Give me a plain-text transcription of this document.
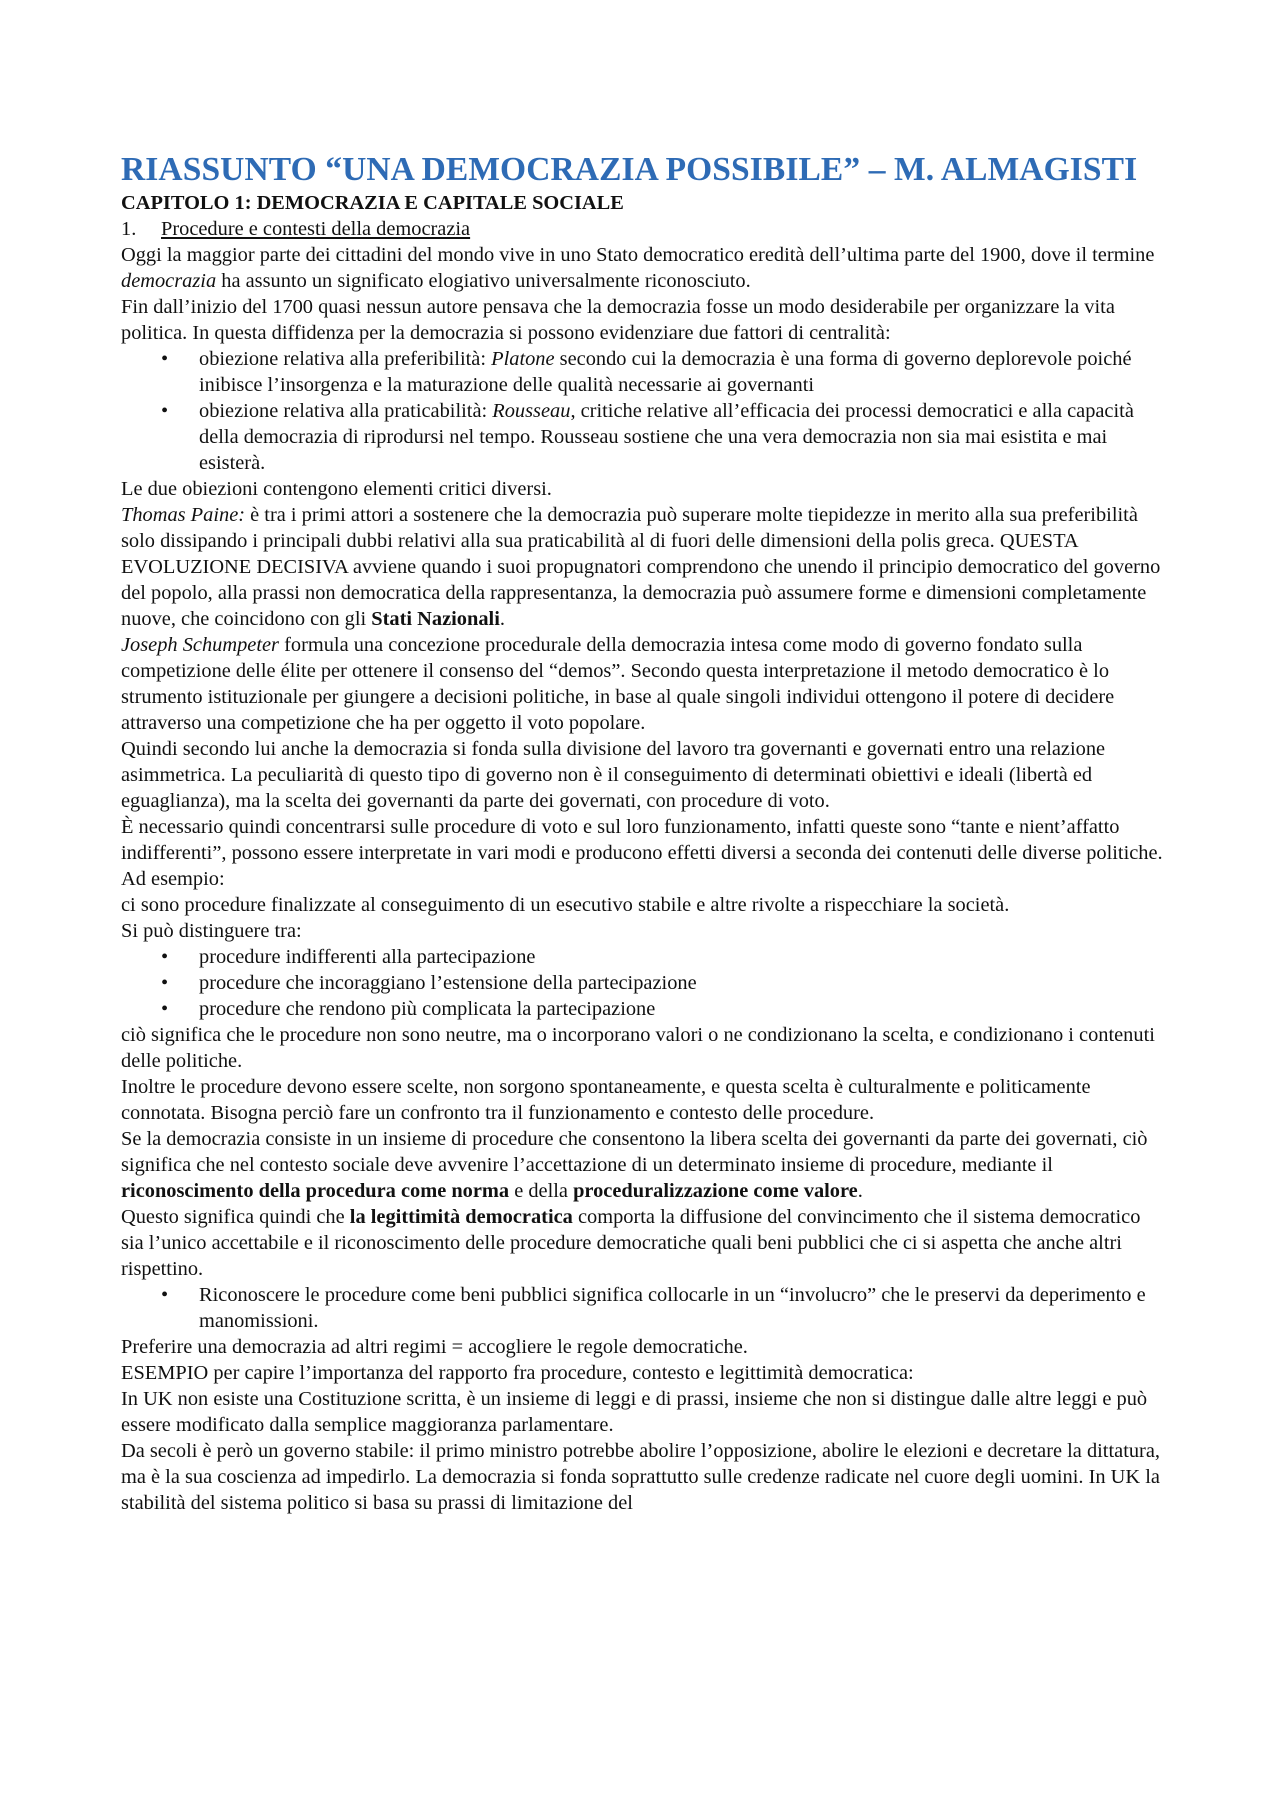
RIASSUNTO “UNA DEMOCRAZIA POSSIBILE” – M. ALMAGISTI
CAPITOLO 1: DEMOCRAZIA E CAPITALE SOCIALE
1. Procedure e contesti della democrazia

Oggi la maggior parte dei cittadini del mondo vive in uno Stato democratico eredità dell’ultima parte del 1900, dove il termine democrazia ha assunto un significato elogiativo universalmente riconosciuto.

Fin dall’inizio del 1700 quasi nessun autore pensava che la democrazia fosse un modo desiderabile per organizzare la vita politica. In questa diffidenza per la democrazia si possono evidenziare due fattori di centralità:

• obiezione relativa alla preferibilità: Platone secondo cui la democrazia è una forma di governo deplorevole poiché inibisce l’insorgenza e la maturazione delle qualità necessarie ai governanti
• obiezione relativa alla praticabilità: Rousseau, critiche relative all’efficacia dei processi democratici e alla capacità della democrazia di riprodursi nel tempo. Rousseau sostiene che una vera democrazia non sia mai esistita e mai esisterà.

Le due obiezioni contengono elementi critici diversi.

Thomas Paine: è tra i primi attori a sostenere che la democrazia può superare molte tiepidezze in merito alla sua preferibilità solo dissipando i principali dubbi relativi alla sua praticabilità al di fuori delle dimensioni della polis greca. QUESTA EVOLUZIONE DECISIVA avviene quando i suoi propugnatori comprendono che unendo il principio democratico del governo del popolo, alla prassi non democratica della rappresentanza, la democrazia può assumere forme e dimensioni completamente nuove, che coincidono con gli Stati Nazionali.

Joseph Schumpeter formula una concezione procedurale della democrazia intesa come modo di governo fondato sulla competizione delle élite per ottenere il consenso del “demos”. Secondo questa interpretazione il metodo democratico è lo strumento istituzionale per giungere a decisioni politiche, in base al quale singoli individui ottengono il potere di decidere attraverso una competizione che ha per oggetto il voto popolare.

Quindi secondo lui anche la democrazia si fonda sulla divisione del lavoro tra governanti e governati entro una relazione asimmetrica. La peculiarità di questo tipo di governo non è il conseguimento di determinati obiettivi e ideali (libertà ed eguaglianza), ma la scelta dei governanti da parte dei governati, con procedure di voto.

È necessario quindi concentrarsi sulle procedure di voto e sul loro funzionamento, infatti queste sono “tante e nient’affatto indifferenti”, possono essere interpretate in vari modi e producono effetti diversi a seconda dei contenuti delle diverse politiche.

Ad esempio:

ci sono procedure finalizzate al conseguimento di un esecutivo stabile e altre rivolte a rispecchiare la società.

Si può distinguere tra:

• procedure indifferenti alla partecipazione
• procedure che incoraggiano l’estensione della partecipazione
• procedure che rendono più complicata la partecipazione

ciò significa che le procedure non sono neutre, ma o incorporano valori o ne condizionano la scelta, e condizionano i contenuti delle politiche.

Inoltre le procedure devono essere scelte, non sorgono spontaneamente, e questa scelta è culturalmente e politicamente connotata. Bisogna perciò fare un confronto tra il funzionamento e contesto delle procedure.

Se la democrazia consiste in un insieme di procedure che consentono la libera scelta dei governanti da parte dei governati, ciò significa che nel contesto sociale deve avvenire l’accettazione di un determinato insieme di procedure, mediante il riconoscimento della procedura come norma e della proceduralizzazione come valore.

Questo significa quindi che la legittimità democratica comporta la diffusione del convincimento che il sistema democratico sia l’unico accettabile e il riconoscimento delle procedure democratiche quali beni pubblici che ci si aspetta che anche altri rispettino.

• Riconoscere le procedure come beni pubblici significa collocarle in un “involucro” che le preservi da deperimento e manomissioni.

Preferire una democrazia ad altri regimi = accogliere le regole democratiche.

ESEMPIO per capire l’importanza del rapporto fra procedure, contesto e legittimità democratica:

In UK non esiste una Costituzione scritta, è un insieme di leggi e di prassi, insieme che non si distingue dalle altre leggi e può essere modificato dalla semplice maggioranza parlamentare.

Da secoli è però un governo stabile: il primo ministro potrebbe abolire l’opposizione, abolire le elezioni e decretare la dittatura, ma è la sua coscienza ad impedirlo. La democrazia si fonda soprattutto sulle credenze radicate nel cuore degli uomini. In UK la stabilità del sistema politico si basa su prassi di limitazione del
